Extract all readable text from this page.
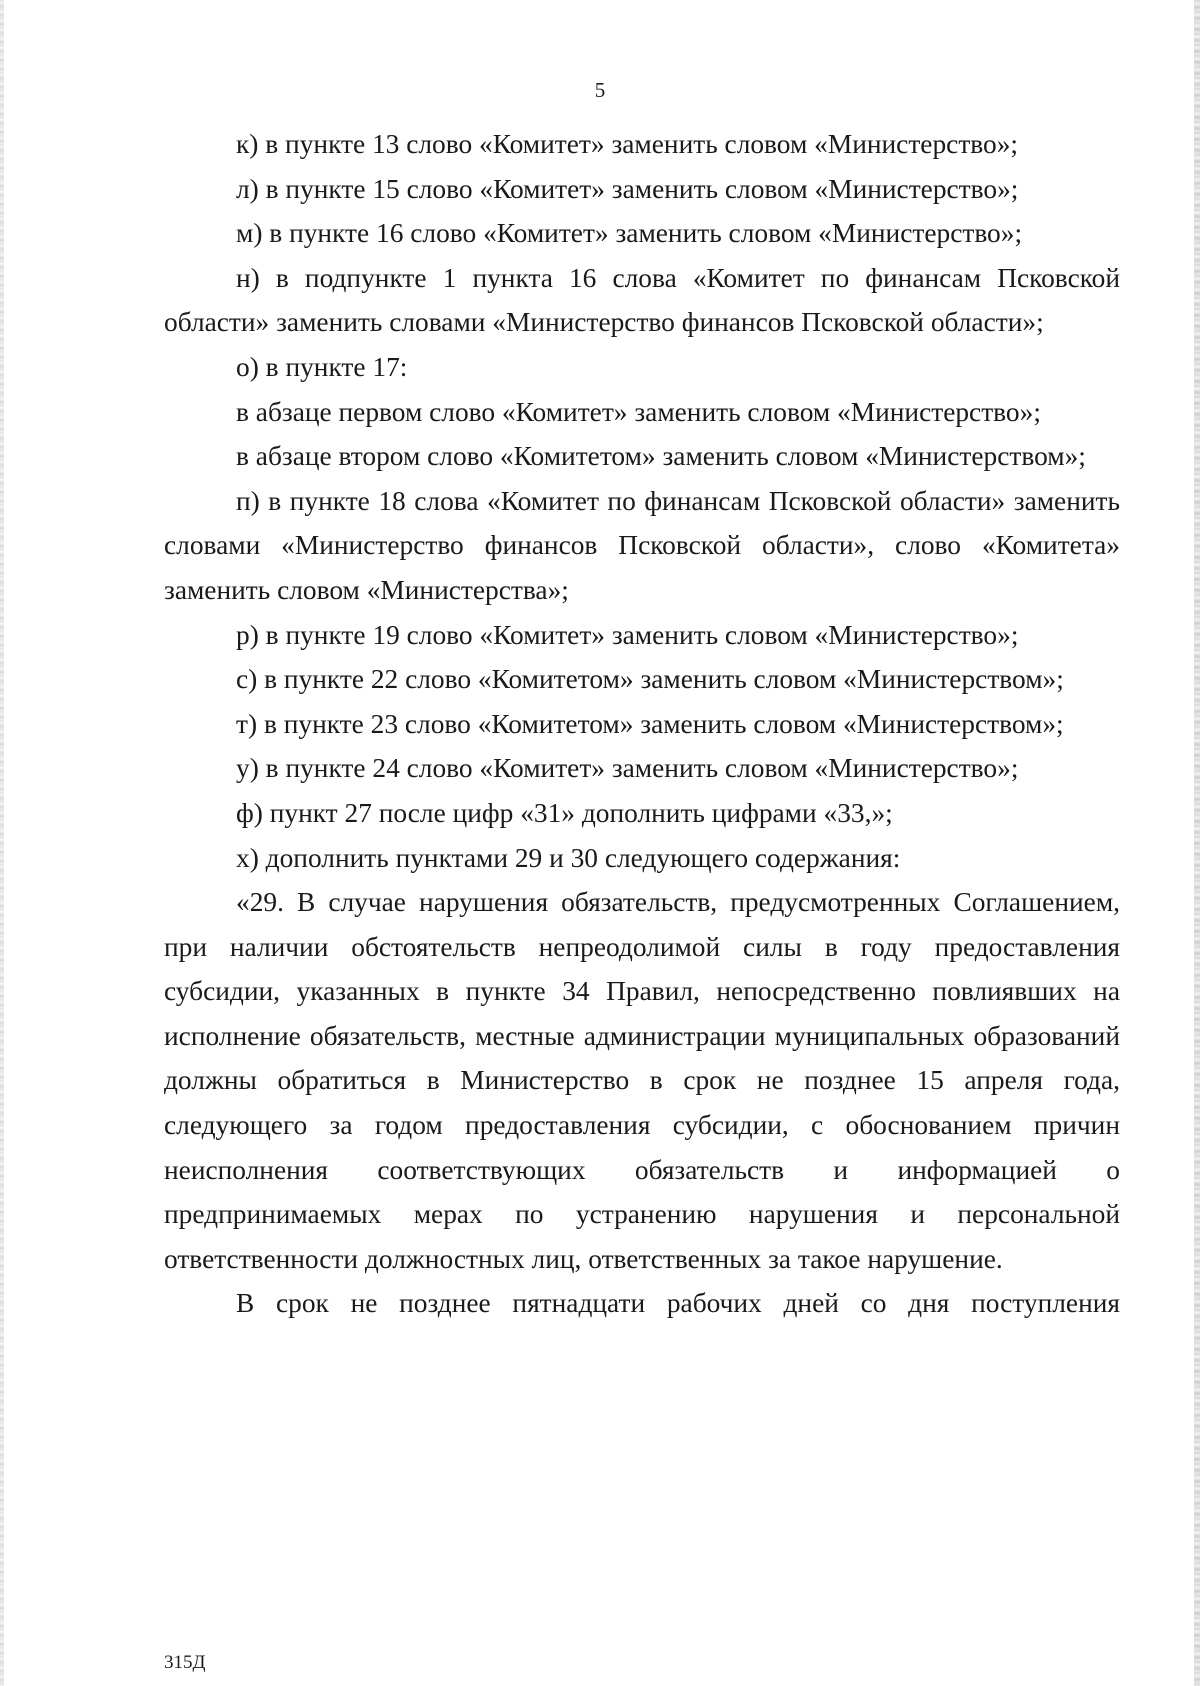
5

к) в пункте 13 слово «Комитет» заменить словом «Министерство»;

л) в пункте 15 слово «Комитет» заменить словом «Министерство»;

м) в пункте 16 слово «Комитет» заменить словом «Министерство»;

н) в подпункте 1 пункта 16 слова «Комитет по финансам Псковской области» заменить словами «Министерство финансов Псковской области»;

о) в пункте 17:

в абзаце первом слово «Комитет» заменить словом «Министерство»;

в абзаце втором слово «Комитетом» заменить словом «Министерством»;

п) в пункте 18 слова «Комитет по финансам Псковской области» заменить словами «Министерство финансов Псковской области», слово «Комитета» заменить словом «Министерства»;

р) в пункте 19 слово «Комитет» заменить словом «Министерство»;

с) в пункте 22 слово «Комитетом» заменить словом «Министерством»;

т) в пункте 23 слово «Комитетом» заменить словом «Министерством»;

у) в пункте 24 слово «Комитет» заменить словом «Министерство»;

ф) пункт 27 после цифр «31» дополнить цифрами «33,»;

х) дополнить пунктами 29 и 30 следующего содержания:

«29. В случае нарушения обязательств, предусмотренных Соглашением, при наличии обстоятельств непреодолимой силы в году предоставления субсидии, указанных в пункте 34 Правил, непосредственно повлиявших на исполнение обязательств, местные администрации муниципальных образований должны обратиться в Министерство в срок не позднее 15 апреля года, следующего за годом предоставления субсидии, с обоснованием причин неисполнения соответствующих обязательств и информацией о предпринимаемых мерах по устранению нарушения и персональной ответственности должностных лиц, ответственных за такое нарушение.

В срок не позднее пятнадцати рабочих дней со дня поступления

315Д
